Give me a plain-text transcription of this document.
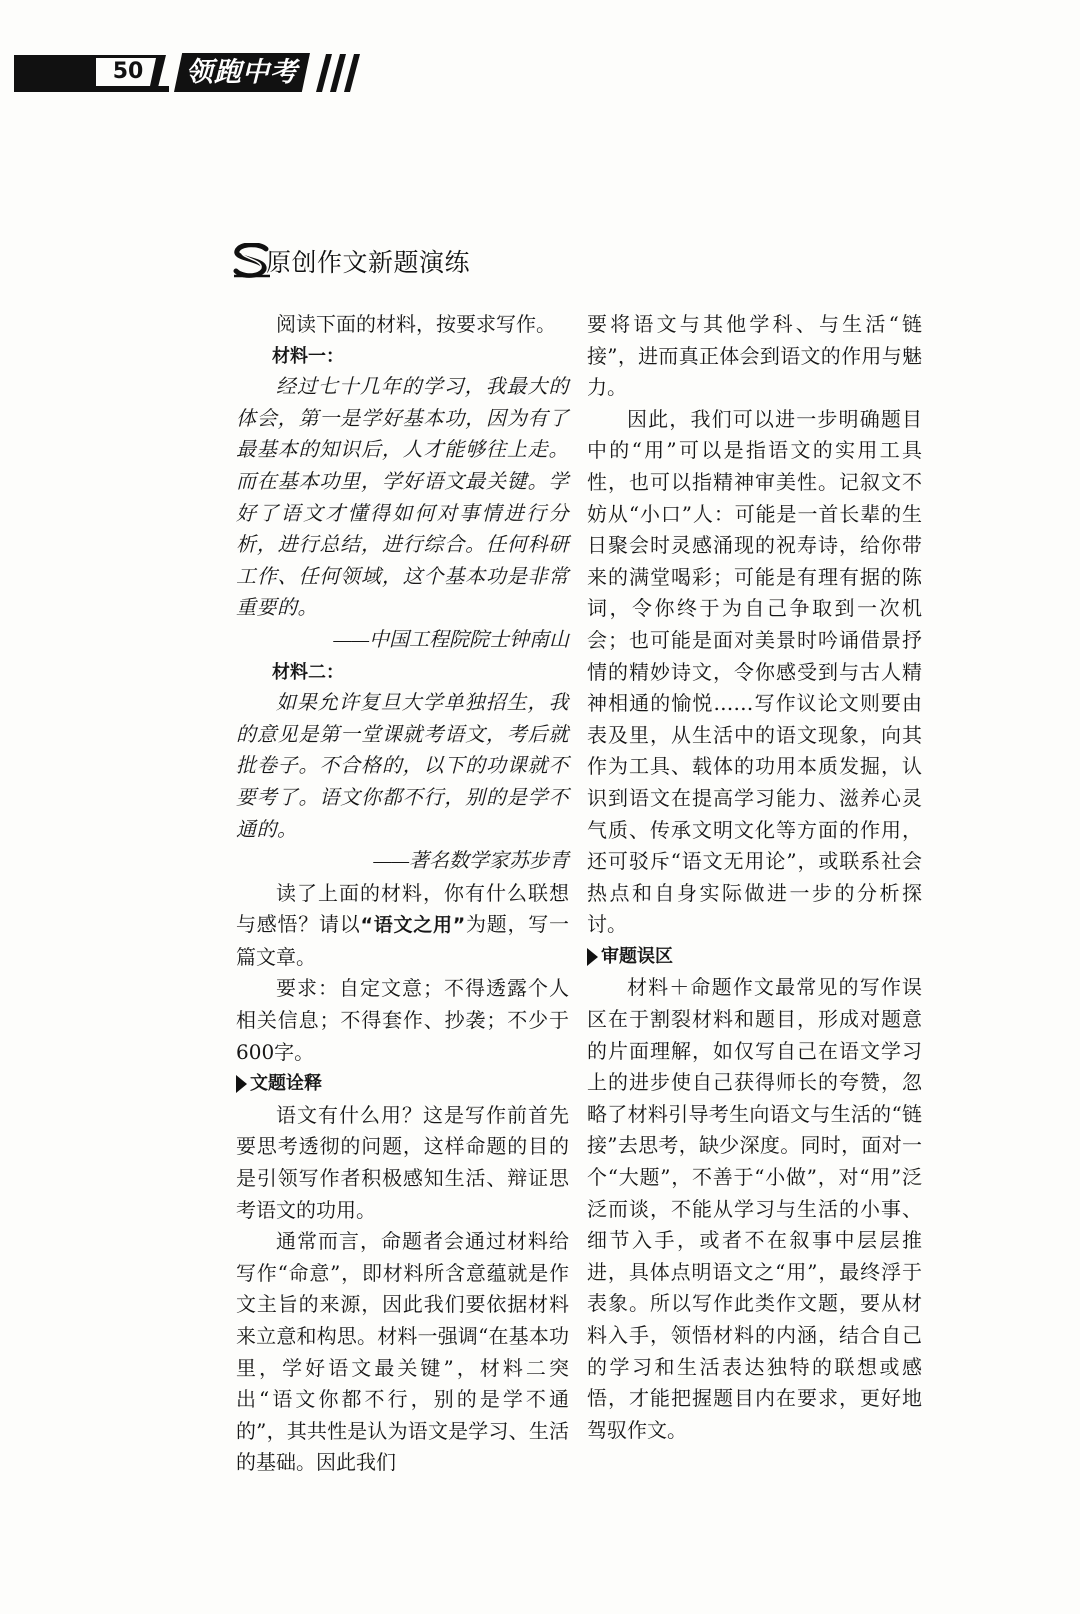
50	领跑中考
原创作文新题演练

阅读下面的材料，按要求写作。

材料一：

经过七十几年的学习，我最大的体会，第一是学好基本功，因为有了最基本的知识后，人才能够往上走。而在基本功里，学好语文最关键。学好了语文才懂得如何对事情进行分析，进行总结，进行综合。任何科研工作、任何领域，这个基本功是非常重要的。

——中国工程院院士钟南山

材料二：

如果允许复旦大学单独招生，我的意见是第一堂课就考语文，考后就批卷子。不合格的，以下的功课就不要考了。语文你都不行，别的是学不通的。

——著名数学家苏步青

读了上面的材料，你有什么联想与感悟？请以“语文之用”为题，写一篇文章。

要求：自定文意；不得透露个人相关信息；不得套作、抄袭；不少于600字。

文题诠释

语文有什么用？这是写作前首先要思考透彻的问题，这样命题的目的是引领写作者积极感知生活、辩证思考语文的功用。

通常而言，命题者会通过材料给写作“命意”，即材料所含意蕴就是作文主旨的来源，因此我们要依据材料来立意和构思。材料一强调“在基本功里，学好语文最关键”，材料二突出“语文你都不行，别的是学不通的”，其共性是认为语文是学习、生活的基础。因此我们

要将语文与其他学科、与生活“链接”，进而真正体会到语文的作用与魅力。

因此，我们可以进一步明确题目中的“用”可以是指语文的实用工具性，也可以指精神审美性。记叙文不妨从“小口”人：可能是一首长辈的生日聚会时灵感涌现的祝寿诗，给你带来的满堂喝彩；可能是有理有据的陈词，令你终于为自己争取到一次机会；也可能是面对美景时吟诵借景抒情的精妙诗文，令你感受到与古人精神相通的愉悦……写作议论文则要由表及里，从生活中的语文现象，向其作为工具、载体的功用本质发掘，认识到语文在提高学习能力、滋养心灵气质、传承文明文化等方面的作用，还可驳斥“语文无用论”，或联系社会热点和自身实际做进一步的分析探讨。

审题误区

材料＋命题作文最常见的写作误区在于割裂材料和题目，形成对题意的片面理解，如仅写自己在语文学习上的进步使自己获得师长的夸赞，忽略了材料引导考生向语文与生活的“链接”去思考，缺少深度。同时，面对一个“大题”，不善于“小做”，对“用”泛泛而谈，不能从学习与生活的小事、细节入手，或者不在叙事中层层推进，具体点明语文之“用”，最终浮于表象。所以写作此类作文题，要从材料入手，领悟材料的内涵，结合自己的学习和生活表达独特的联想或感悟，才能把握题目内在要求，更好地驾驭作文。
